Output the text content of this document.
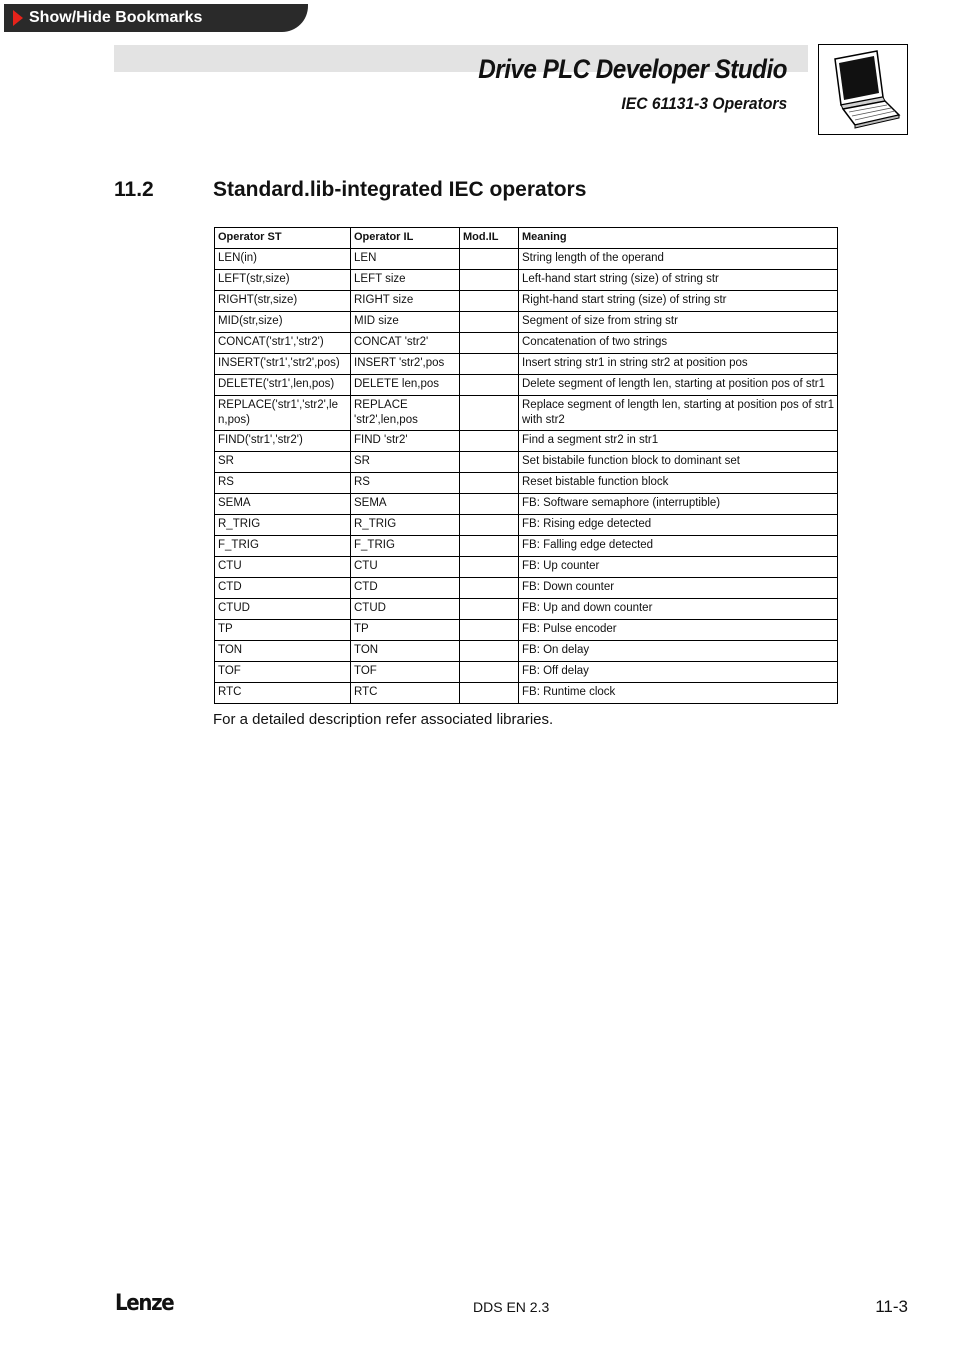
Show/Hide Bookmarks
Drive PLC Developer Studio
IEC 61131-3 Operators
11.2	Standard.lib-integrated IEC operators
Operator ST	Operator IL	Mod.IL	Meaning
LEN(in)	LEN		String length of the operand
LEFT(str,size)	LEFT size		Left-hand start string (size) of string str
RIGHT(str,size)	RIGHT size		Right-hand start string (size) of string str
MID(str,size)	MID size		Segment of size from string str
CONCAT('str1','str2')	CONCAT 'str2'		Concatenation of two strings
INSERT('str1','str2',pos)	INSERT 'str2',pos		Insert string str1 in string str2 at position pos
DELETE('str1',len,pos)	DELETE len,pos		Delete segment of length len, starting at position pos of str1
REPLACE('str1','str2',len,pos)	REPLACE 'str2',len,pos		Replace segment of length len, starting at position pos of str1 with str2
FIND('str1','str2')	FIND 'str2'		Find a segment str2 in str1
SR	SR		Set bistabile function block to dominant set
RS	RS		Reset bistable function block
SEMA	SEMA		FB: Software semaphore (interruptible)
R_TRIG	R_TRIG		FB: Rising edge detected
F_TRIG	F_TRIG		FB: Falling edge detected
CTU	CTU		FB: Up counter
CTD	CTD		FB: Down counter
CTUD	CTUD		FB: Up and down counter
TP	TP		FB: Pulse encoder
TON	TON		FB: On delay
TOF	TOF		FB: Off delay
RTC	RTC		FB: Runtime clock
For a detailed description refer associated libraries.
Lenze	DDS EN 2.3	11-3
